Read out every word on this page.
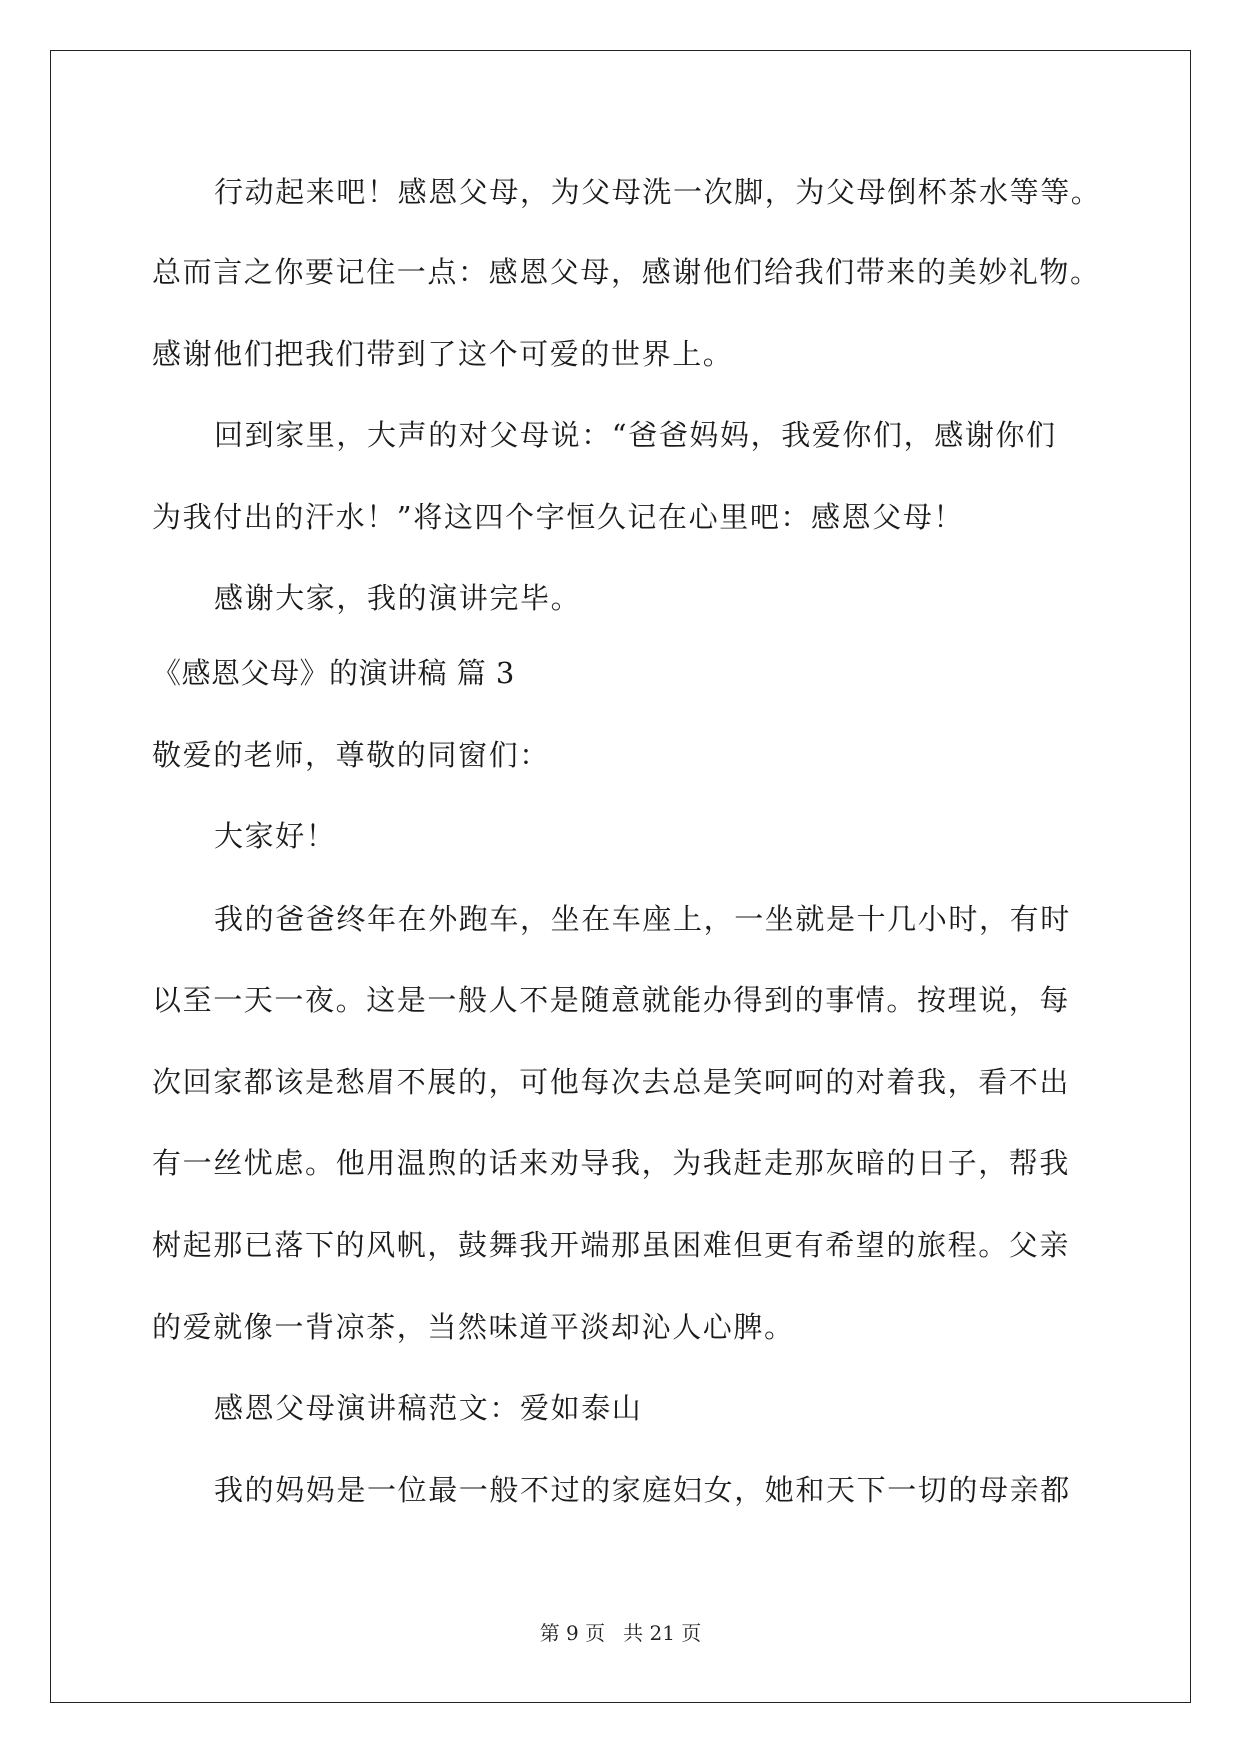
行动起来吧！感恩父母，为父母洗一次脚，为父母倒杯茶水等等。
总而言之你要记住一点：感恩父母，感谢他们给我们带来的美妙礼物。
感谢他们把我们带到了这个可爱的世界上。
回到家里，大声的对父母说：“爸爸妈妈，我爱你们，感谢你们
为我付出的汗水！”将这四个字恒久记在心里吧：感恩父母！
感谢大家，我的演讲完毕。
《感恩父母》的演讲稿 篇 3
敬爱的老师，尊敬的同窗们：
大家好！
我的爸爸终年在外跑车，坐在车座上，一坐就是十几小时，有时
以至一天一夜。这是一般人不是随意就能办得到的事情。按理说，每
次回家都该是愁眉不展的，可他每次去总是笑呵呵的对着我，看不出
有一丝忧虑。他用温煦的话来劝导我，为我赶走那灰暗的日子，帮我
树起那已落下的风帆，鼓舞我开端那虽困难但更有希望的旅程。父亲
的爱就像一背凉茶，当然味道平淡却沁人心脾。
感恩父母演讲稿范文：爱如泰山
我的妈妈是一位最一般不过的家庭妇女，她和天下一切的母亲都
第 9 页 共 21 页
